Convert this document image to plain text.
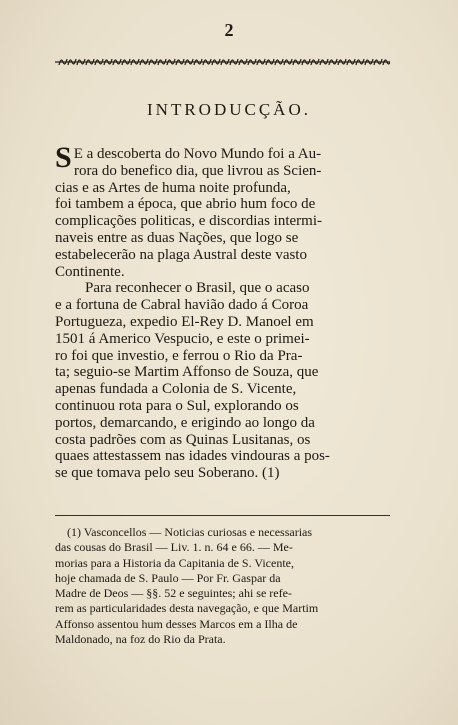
2
INTRODUCÇÃO.
S E a descoberta do Novo Mundo foi a Au-
rora do benefico dia, que livrou as Scien-
cias e as Artes de huma noite profunda,
foi tambem a época, que abrio hum foco de
complicações politicas, e discordias intermi-
naveis entre as duas Nações, que logo se
estabelecerão na plaga Austral deste vasto
Continente.
Para reconhecer o Brasil, que o acaso
e a fortuna de Cabral havião dado á Coroa
Portugueza, expedio El-Rey D. Manoel em
1501 á Americo Vespucio, e este o primei-
ro foi que investio, e ferrou o Rio da Pra-
ta; seguio-se Martim Affonso de Souza, que
apenas fundada a Colonia de S. Vicente,
continuou rota para o Sul, explorando os
portos, demarcando, e erigindo ao longo da
costa padrões com as Quinas Lusitanas, os
quaes attestassem nas idades vindouras a pos-
se que tomava pelo seu Soberano. (1)
(1) Vasconcellos — Noticias curiosas e necessarias
das cousas do Brasil — Liv. 1. n. 64 e 66. — Me-
morias para a Historia da Capitania de S. Vicente,
hoje chamada de S. Paulo — Por Fr. Gaspar da
Madre de Deos — §§. 52 e seguintes; ahi se refe-
rem as particularidades desta navegação, e que Martim
Affonso assentou hum desses Marcos em a Ilha de
Maldonado, na foz do Rio da Prata.
